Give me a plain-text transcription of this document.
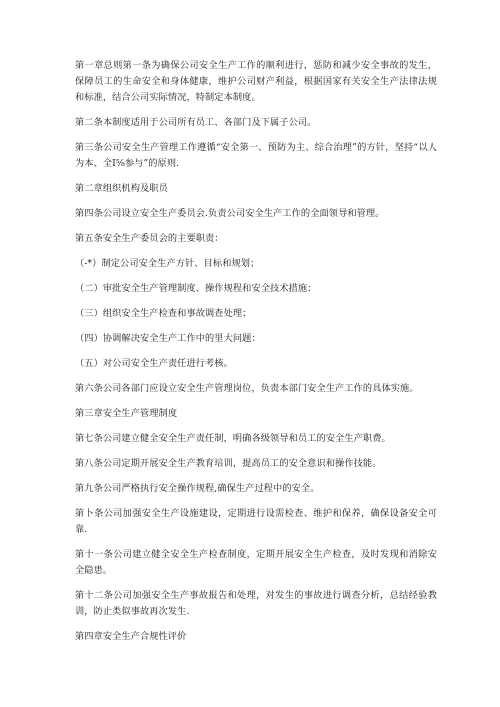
第一章总则第一条为确保公司安全生产工作的顺利进行，惩防和减少安全事故的发生，保障员工的生命安全和身体健康，维护公司财产利益，根据国家有关安全生产法律法规和标准，结合公司实际情况，特制定本制度。

第二条本制度适用于公司所有员工、各部门及下属子公司。

第三条公司安全生产管理工作遵循“安全第一、预防为主、综合治理”的方针，坚持“以人为本、全I⅝参与”的原则.

第二章组织机构及职员

第四条公司设立安全生产委员会.负责公司安全生产工作的全面领导和管理。

第五条安全生产委员会的主要职责：

（-*）制定公司安全生产方针、目标和规划；

（二）审批安全生产管理制度、操作规程和安全技术措施；

（三）组织安全生产检查和事故调查处理；

（四）协调解决安全生产工作中的里大问题：

（五）对公司安全生产责任进行考核。

第六条公司各部门应设立安全生产管理岗位，负责本部门安全生产工作的具体实施。

第三章安全生产管理制度

第七条公司建立健全安全生产责任制，明确各级领导和员工的安全生产职费。

第八条公司定期开展安全生产教育培训，提高员工的安全意识和操作技能。

第九条公司严格执行安全操作规程,确保生产过程中的安全。

第卜条公司加强安全生产设施建设，定期进行设需检查、维护和保养，确保设备安全可靠.

第十一条公司建立健全安全生产检查制度，定期开展安全生产检查，及时发现和消除安全隐患。

第十二条公司加强安全生产事故报告和处理，对发生的事故进行调查分析，总结经验教训，防止类似事故再次发生.

第四章安全生产合规性评价
